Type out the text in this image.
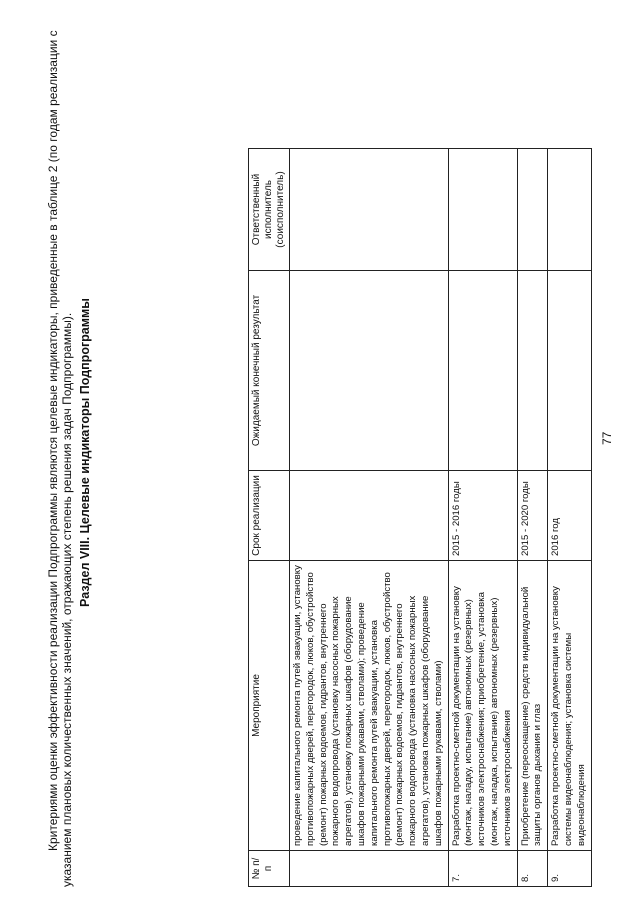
77
№ п/п	Мероприятие	Срок реализации	Ожидаемый конечный результат	Ответственный исполнитель (соисполнитель)
	проведение капитального ремонта путей эвакуации, установку противопожарных дверей, перегородок, люков, обустройство (ремонт) пожарных водоемов, гидрантов, внутреннего пожарного водопровода (установку насосных пожарных агрегатов), установку пожарных шкафов (оборудование шкафов пожарными рукавами, стволами); проведение капитального ремонта путей эвакуации, установка противопожарных дверей, перегородок, люков, обустройство (ремонт) пожарных водоемов, гидрантов, внутреннего пожарного водопровода (установка насосных пожарных агрегатов), установка пожарных шкафов (оборудование шкафов пожарными рукавами, стволами)			
7.	Разработка проектно-сметной документации на установку (монтаж, наладку, испытание) автономных (резервных) источников электроснабжения; приобретение, установка (монтаж, наладка, испытание) автономных (резервных) источников электроснабжения	2015 - 2016 годы		
8.	Приобретение (переоснащение) средств индивидуальной защиты органов дыхания и глаз	2015 - 2020 годы		
9.	Разработка проектно-сметной документации на установку системы видеонаблюдения; установка системы видеонаблюдения	2016 год		
Раздел VIII. Целевые индикаторы Подпрограммы
Критериями оценки эффективности реализации Подпрограммы являются целевые индикаторы, приведенные в таблице 2 (по годам реализации с указанием плановых количественных значений, отражающих степень решения задач Подпрограммы).
